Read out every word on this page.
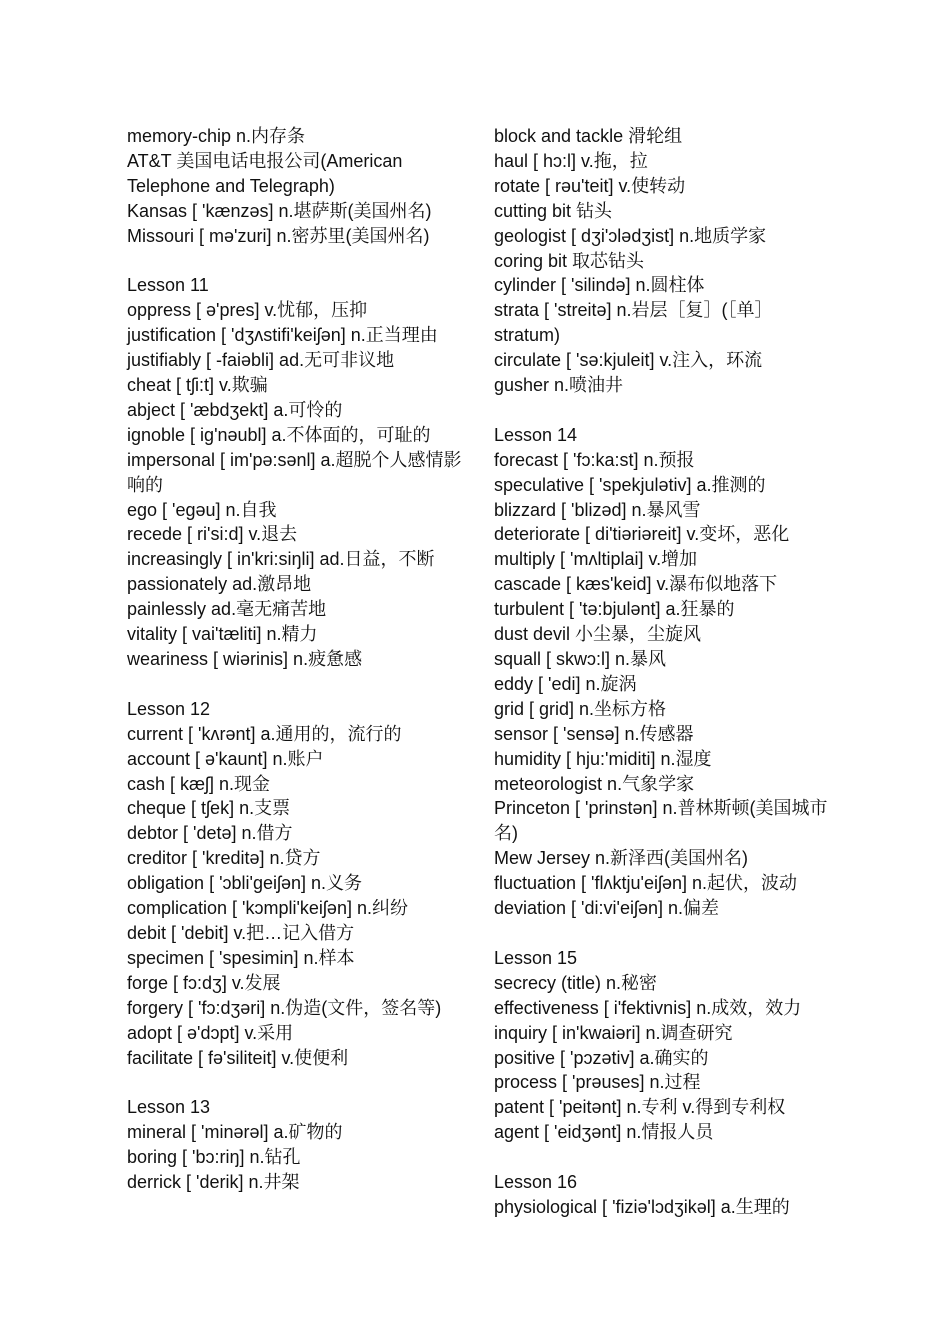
memory-chip n.内存条
AT&T 美国电话电报公司(American Telephone and Telegraph)
Kansas [ 'kænzəs] n.堪萨斯(美国州名)
Missouri [ mə'zuri] n.密苏里(美国州名)
Lesson 11
oppress [ ə'pres] v.忧郁，压抑
justification [ 'dʒʌstifi'keiʃən] n.正当理由
justifiably [ -faiəbli] ad.无可非议地
cheat [ tʃi:t] v.欺骗
abject [ 'æbdʒekt] a.可怜的
ignoble [ ig'nəubl] a.不体面的，可耻的
impersonal [ im'pə:sənl] a.超脱个人感情影响的
ego [ 'egəu] n.自我
recede [ ri'si:d] v.退去
increasingly [ in'kri:siŋli] ad.日益，不断
passionately ad.激昂地
painlessly ad.毫无痛苦地
vitality [ vai'tæliti] n.精力
weariness [ wiərinis] n.疲惫感
Lesson 12
current [ 'kʌrənt] a.通用的，流行的
account [ ə'kaunt] n.账户
cash [ kæʃ] n.现金
cheque [ tʃek] n.支票
debtor [ 'detə] n.借方
creditor [ 'kreditə] n.贷方
obligation [ 'ɔbli'geiʃən] n.义务
complication [ 'kɔmpli'keiʃən] n.纠纷
debit [ 'debit] v.把…记入借方
specimen [ 'spesimin] n.样本
forge [ fɔ:dʒ] v.发展
forgery [ 'fɔ:dʒəri] n.伪造(文件，签名等)
adopt [ ə'dɔpt] v.采用
facilitate [ fə'siliteit] v.使便利
Lesson 13
mineral [ 'minərəl] a.矿物的
boring [ 'bɔ:riŋ] n.钻孔
derrick [ 'derik] n.井架
block and tackle 滑轮组
haul [ hɔ:l] v.拖，拉
rotate [ rəu'teit] v.使转动
cutting bit 钻头
geologist [ dʒi'ɔlədʒist] n.地质学家
coring bit 取芯钻头
cylinder [ 'silində] n.圆柱体
strata [ 'streitə] n.岩层［复］(［单］stratum)
circulate [ 'sə:kjuleit] v.注入，环流
gusher n.喷油井
Lesson 14
forecast [ 'fɔ:ka:st] n.预报
speculative [ 'spekjulətiv] a.推测的
blizzard [ 'blizəd] n.暴风雪
deteriorate [ di'tiəriəreit] v.变坏，恶化
multiply [ 'mʌltiplai] v.增加
cascade [ kæs'keid] v.瀑布似地落下
turbulent [ 'tə:bjulənt] a.狂暴的
dust devil 小尘暴，尘旋风
squall [ skwɔ:l] n.暴风
eddy [ 'edi] n.旋涡
grid [ grid] n.坐标方格
sensor [ 'sensə] n.传感器
humidity [ hju:'miditi] n.湿度
meteorologist n.气象学家
Princeton [ 'prinstən] n.普林斯顿(美国城市名)
Mew Jersey n.新泽西(美国州名)
fluctuation [ 'flʌktju'eiʃən] n.起伏，波动
deviation [ 'di:vi'eiʃən] n.偏差
Lesson 15
secrecy (title) n.秘密
effectiveness [ i'fektivnis] n.成效，效力
inquiry [ in'kwaiəri] n.调查研究
positive [ 'pɔzətiv] a.确实的
process [ 'prəuses] n.过程
patent [ 'peitənt] n.专利 v.得到专利权
agent [ 'eidʒənt] n.情报人员
Lesson 16
physiological [ 'fiziə'lɔdʒikəl] a.生理的
